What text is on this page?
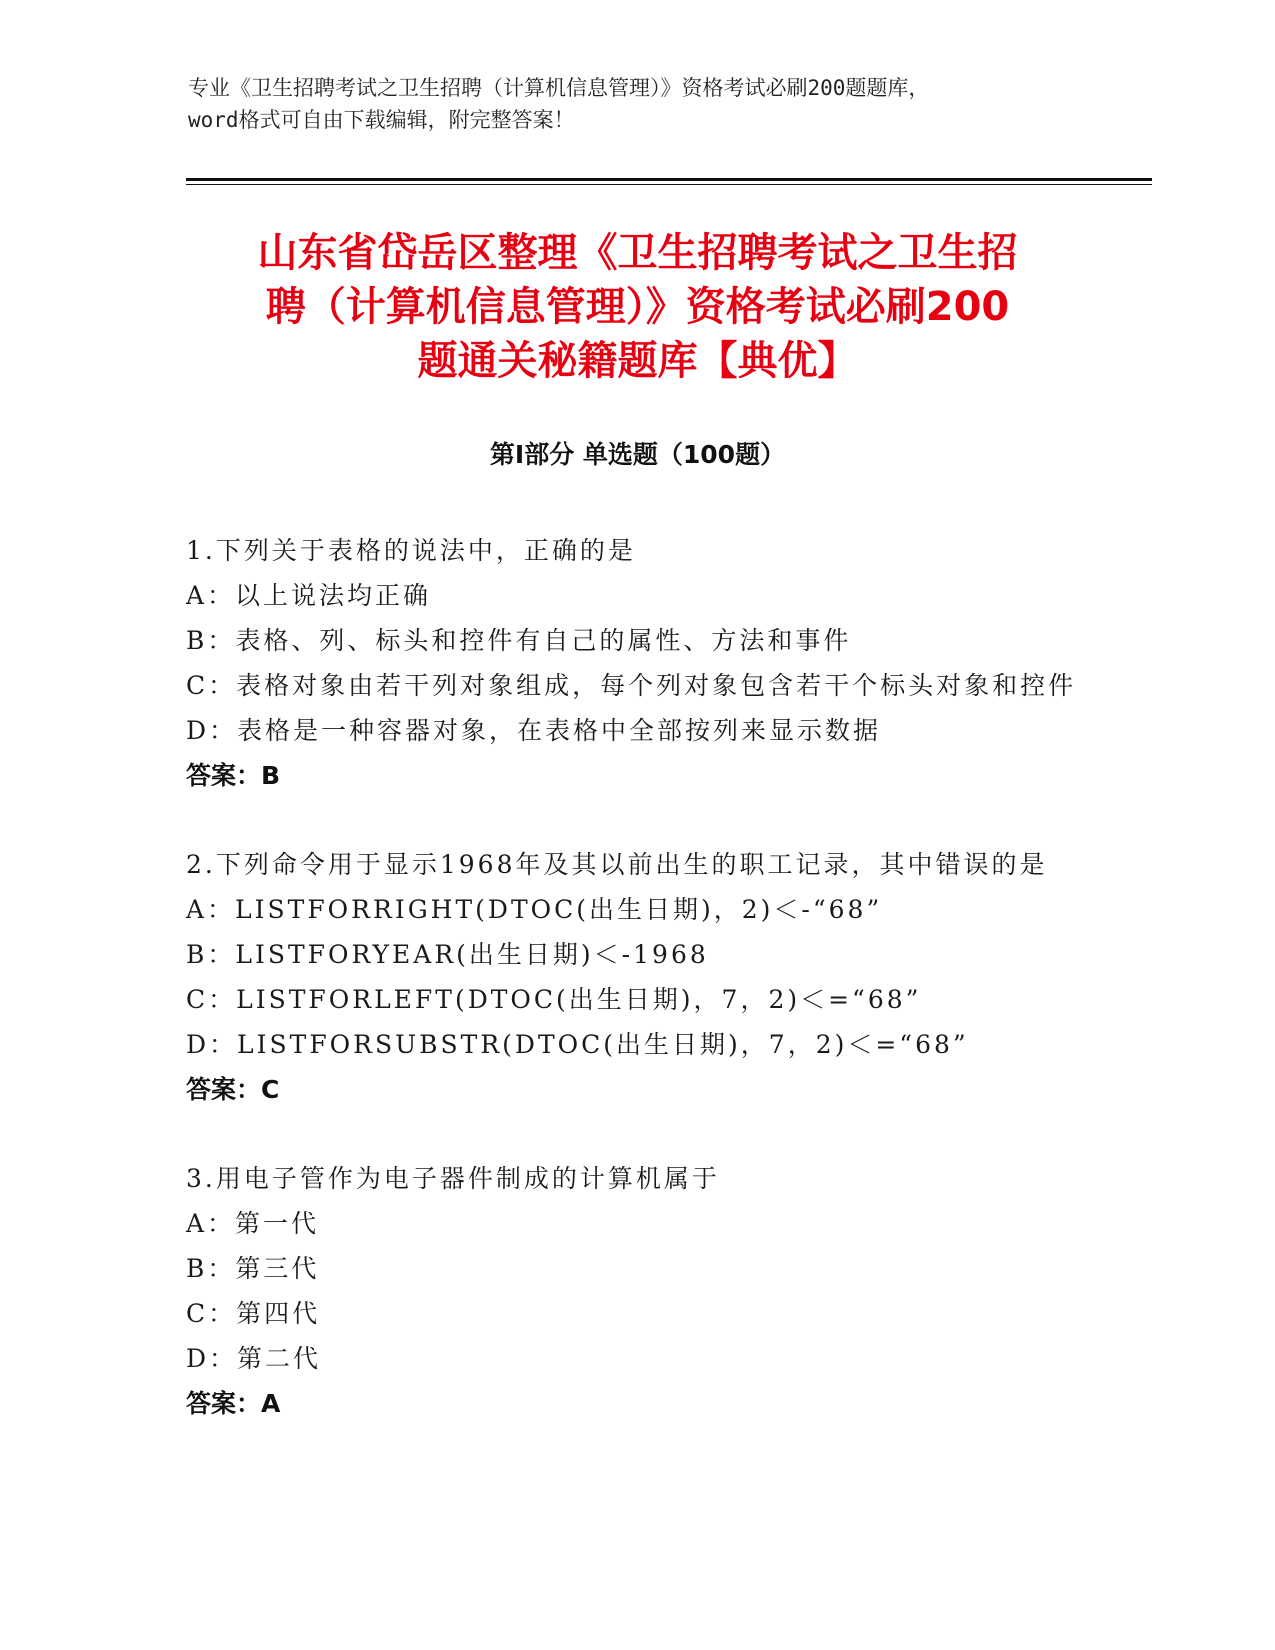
专业《卫生招聘考试之卫生招聘（计算机信息管理）》资格考试必刷200题题库，
word格式可自由下载编辑，附完整答案！
山东省岱岳区整理《卫生招聘考试之卫生招
聘（计算机信息管理）》资格考试必刷200
题通关秘籍题库【典优】
第Ⅰ部分 单选题（100题）
1.下列关于表格的说法中，正确的是
A：以上说法均正确
B：表格、列、标头和控件有自己的属性、方法和事件
C：表格对象由若干列对象组成，每个列对象包含若干个标头对象和控件
D：表格是一种容器对象，在表格中全部按列来显示数据
答案：B
2.下列命令用于显示1968年及其以前出生的职工记录，其中错误的是
A：LISTFORRIGHT(DTOC(出生日期)，2)＜-“68”
B：LISTFORYEAR(出生日期)＜-1968
C：LISTFORLEFT(DTOC(出生日期)，7，2)＜=“68”
D：LISTFORSUBSTR(DTOC(出生日期)，7，2)＜=“68”
答案：C
3.用电子管作为电子器件制成的计算机属于
A：第一代
B：第三代
C：第四代
D：第二代
答案：A
